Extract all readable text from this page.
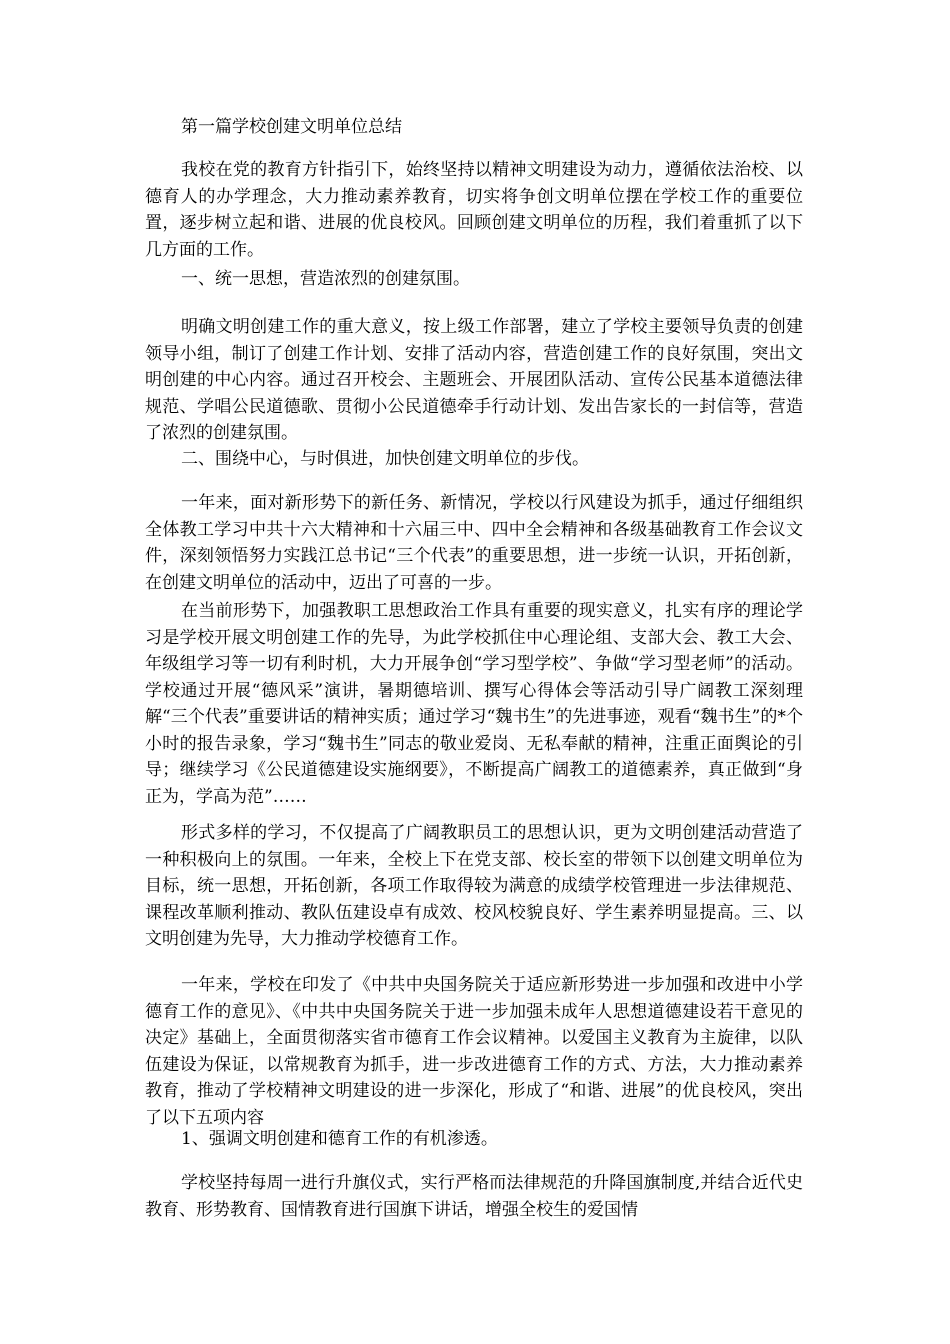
第一篇学校创建文明单位总结

我校在党的教育方针指引下，始终坚持以精神文明建设为动力，遵循依法治校、以德育人的办学理念，大力推动素养教育，切实将争创文明单位摆在学校工作的重要位置，逐步树立起和谐、进展的优良校风。回顾创建文明单位的历程，我们着重抓了以下几方面的工作。

一、统一思想，营造浓烈的创建氛围。

明确文明创建工作的重大意义，按上级工作部署，建立了学校主要领导负责的创建领导小组，制订了创建工作计划、安排了活动内容，营造创建工作的良好氛围，突出文明创建的中心内容。通过召开校会、主题班会、开展团队活动、宣传公民基本道德法律规范、学唱公民道德歌、贯彻小公民道德牵手行动计划、发出告家长的一封信等，营造了浓烈的创建氛围。

二、围绕中心，与时俱进，加快创建文明单位的步伐。

一年来，面对新形势下的新任务、新情况，学校以行风建设为抓手，通过仔细组织全体教工学习中共十六大精神和十六届三中、四中全会精神和各级基础教育工作会议文件，深刻领悟努力实践江总书记“三个代表”的重要思想，进一步统一认识，开拓创新，在创建文明单位的活动中，迈出了可喜的一步。

在当前形势下，加强教职工思想政治工作具有重要的现实意义，扎实有序的理论学习是学校开展文明创建工作的先导，为此学校抓住中心理论组、支部大会、教工大会、年级组学习等一切有利时机，大力开展争创“学习型学校”、争做“学习型老师”的活动。学校通过开展“德风采”演讲，暑期德培训、撰写心得体会等活动引导广阔教工深刻理解“三个代表”重要讲话的精神实质；通过学习“魏书生”的先进事迹，观看“魏书生”的*个小时的报告录象，学习“魏书生”同志的敬业爱岗、无私奉献的精神，注重正面舆论的引导；继续学习《公民道德建设实施纲要》，不断提高广阔教工的道德素养，真正做到“身正为，学高为范”……

形式多样的学习，不仅提高了广阔教职员工的思想认识，更为文明创建活动营造了一种积极向上的氛围。一年来，全校上下在党支部、校长室的带领下以创建文明单位为目标，统一思想，开拓创新，各项工作取得较为满意的成绩学校管理进一步法律规范、课程改革顺利推动、教队伍建设卓有成效、校风校貌良好、学生素养明显提高。三、以文明创建为先导，大力推动学校德育工作。

一年来，学校在印发了《中共中央国务院关于适应新形势进一步加强和改进中小学德育工作的意见》、《中共中央国务院关于进一步加强未成年人思想道德建设若干意见的决定》基础上，全面贯彻落实省市德育工作会议精神。以爱国主义教育为主旋律，以队伍建设为保证，以常规教育为抓手，进一步改进德育工作的方式、方法，大力推动素养教育，推动了学校精神文明建设的进一步深化，形成了“和谐、进展”的优良校风，突出了以下五项内容

1、强调文明创建和德育工作的有机渗透。

学校坚持每周一进行升旗仪式，实行严格而法律规范的升降国旗制度,并结合近代史教育、形势教育、国情教育进行国旗下讲话，增强全校生的爱国情
